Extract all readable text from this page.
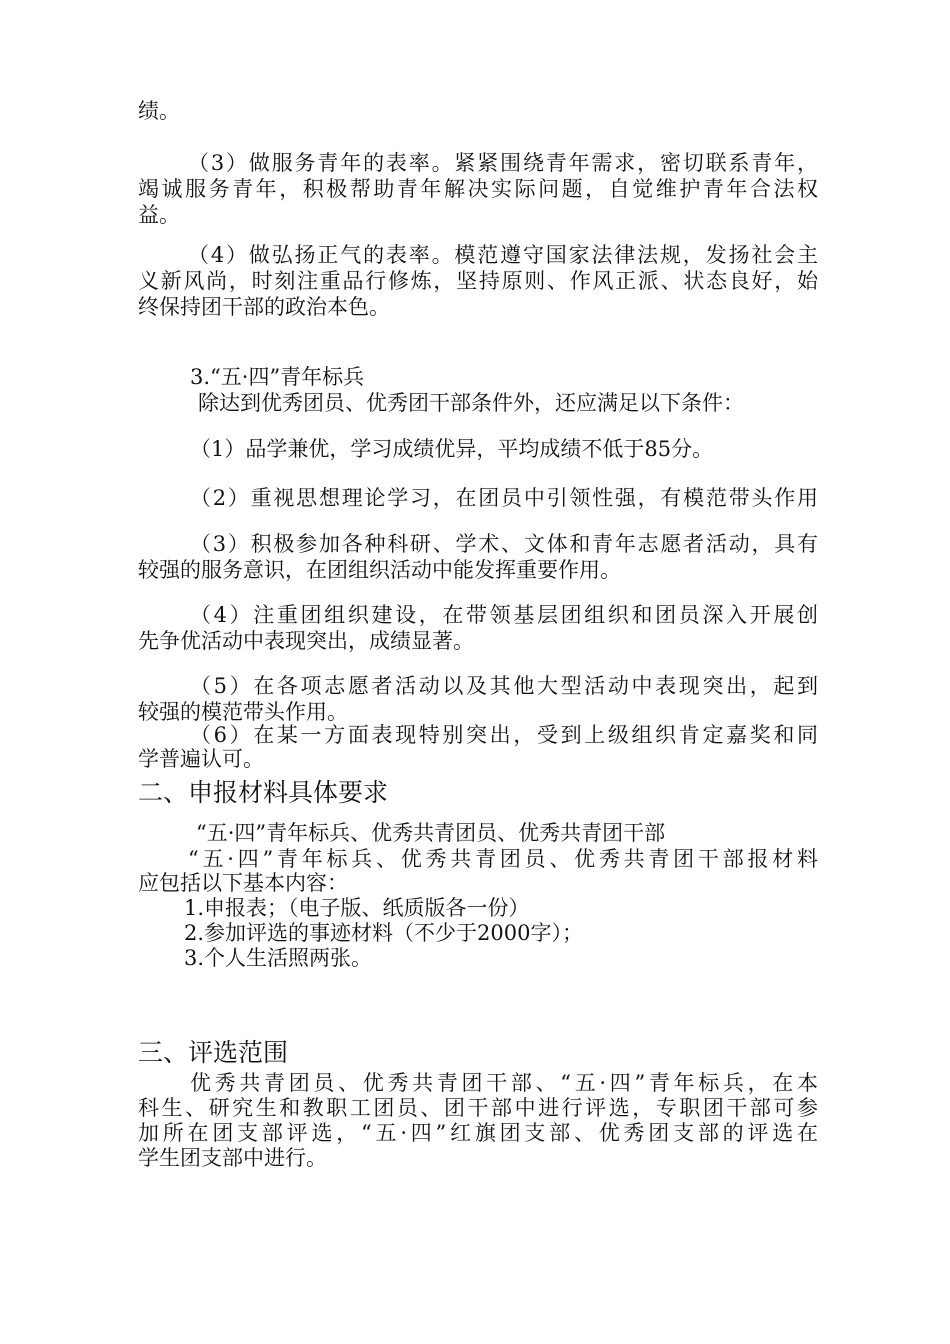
绩。
（3）做服务青年的表率。紧紧围绕青年需求，密切联系青年，
竭诚服务青年，积极帮助青年解决实际问题，自觉维护青年合法权
益。
（4）做弘扬正气的表率。模范遵守国家法律法规，发扬社会主
义新风尚，时刻注重品行修炼，坚持原则、作风正派、状态良好，始
终保持团干部的政治本色。
3.“五·四”青年标兵
除达到优秀团员、优秀团干部条件外，还应满足以下条件：
（1）品学兼优，学习成绩优异，平均成绩不低于85分。
（2）重视思想理论学习，在团员中引领性强，有模范带头作用
（3）积极参加各种科研、学术、文体和青年志愿者活动，具有
较强的服务意识，在团组织活动中能发挥重要作用。
（4）注重团组织建设，在带领基层团组织和团员深入开展创
先争优活动中表现突出，成绩显著。
（5）在各项志愿者活动以及其他大型活动中表现突出，起到
较强的模范带头作用。
（6）在某一方面表现特别突出，受到上级组织肯定嘉奖和同
学普遍认可。
二、申报材料具体要求
“五·四”青年标兵、优秀共青团员、优秀共青团干部
“五·四”青年标兵、优秀共青团员、优秀共青团干部报材料
应包括以下基本内容：
1.申报表；（电子版、纸质版各一份）
2.参加评选的事迹材料（不少于2000字）；
3.个人生活照两张。
三、评选范围
优秀共青团员、优秀共青团干部、“五·四”青年标兵，在本
科生、研究生和教职工团员、团干部中进行评选，专职团干部可参
加所在团支部评选，“五·四”红旗团支部、优秀团支部的评选在
学生团支部中进行。
